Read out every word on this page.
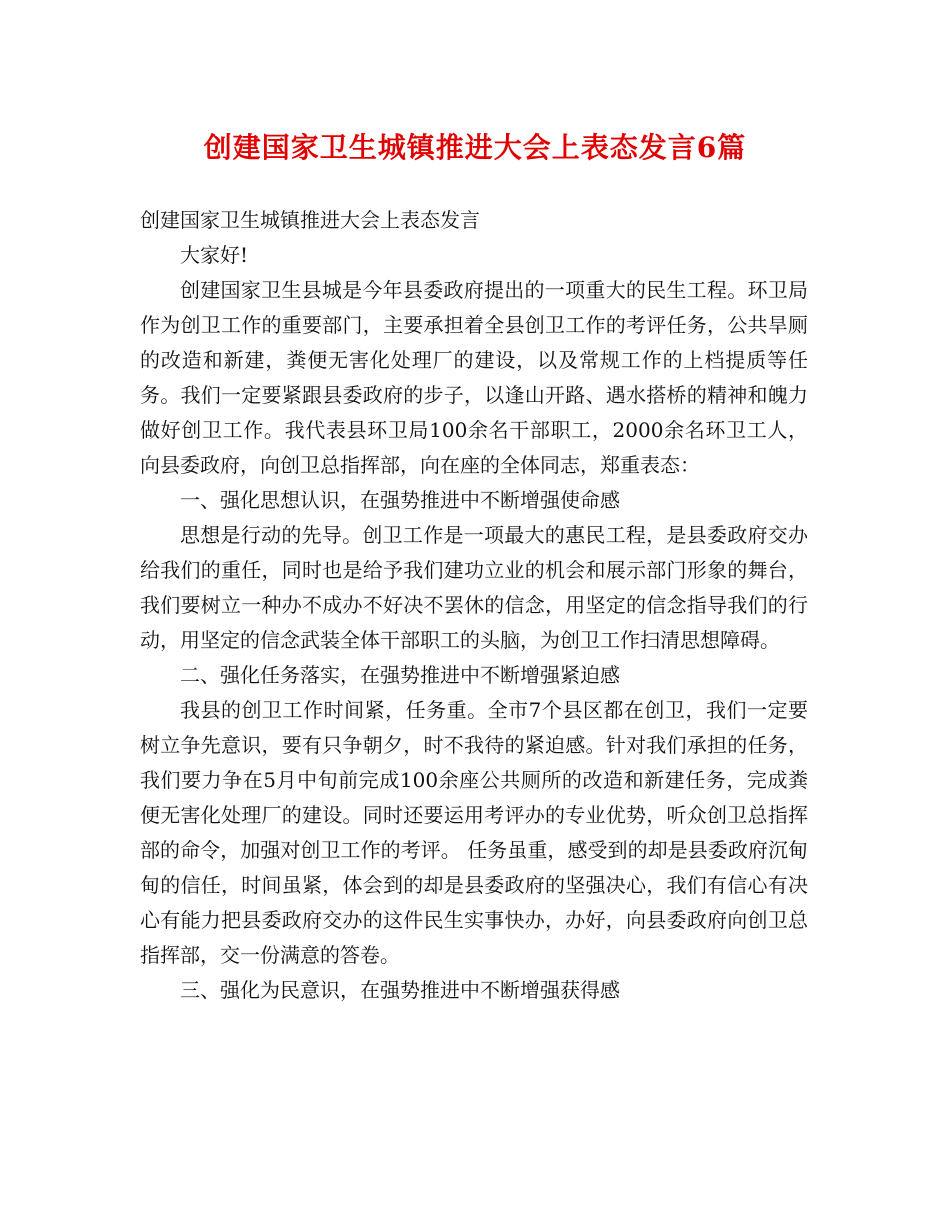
创建国家卫生城镇推进大会上表态发言6篇

创建国家卫生城镇推进大会上表态发言

大家好!

创建国家卫生县城是今年县委政府提出的一项重大的民生工程。环卫局作为创卫工作的重要部门，主要承担着全县创卫工作的考评任务，公共旱厕的改造和新建，粪便无害化处理厂的建设，以及常规工作的上档提质等任务。我们一定要紧跟县委政府的步子，以逢山开路、遇水搭桥的精神和魄力做好创卫工作。我代表县环卫局100余名干部职工，2000余名环卫工人，向县委政府，向创卫总指挥部，向在座的全体同志，郑重表态：

一、强化思想认识，在强势推进中不断增强使命感

思想是行动的先导。创卫工作是一项最大的惠民工程，是县委政府交办给我们的重任，同时也是给予我们建功立业的机会和展示部门形象的舞台，我们要树立一种办不成办不好决不罢休的信念，用坚定的信念指导我们的行动，用坚定的信念武装全体干部职工的头脑，为创卫工作扫清思想障碍。

二、强化任务落实，在强势推进中不断增强紧迫感

我县的创卫工作时间紧，任务重。全市7个县区都在创卫，我们一定要树立争先意识，要有只争朝夕，时不我待的紧迫感。针对我们承担的任务，我们要力争在5月中旬前完成100余座公共厕所的改造和新建任务，完成粪便无害化处理厂的建设。同时还要运用考评办的专业优势，听众创卫总指挥部的命令，加强对创卫工作的考评。 任务虽重，感受到的却是县委政府沉甸甸的信任，时间虽紧，体会到的却是县委政府的坚强决心，我们有信心有决心有能力把县委政府交办的这件民生实事快办，办好，向县委政府向创卫总指挥部，交一份满意的答卷。

三、强化为民意识，在强势推进中不断增强获得感
